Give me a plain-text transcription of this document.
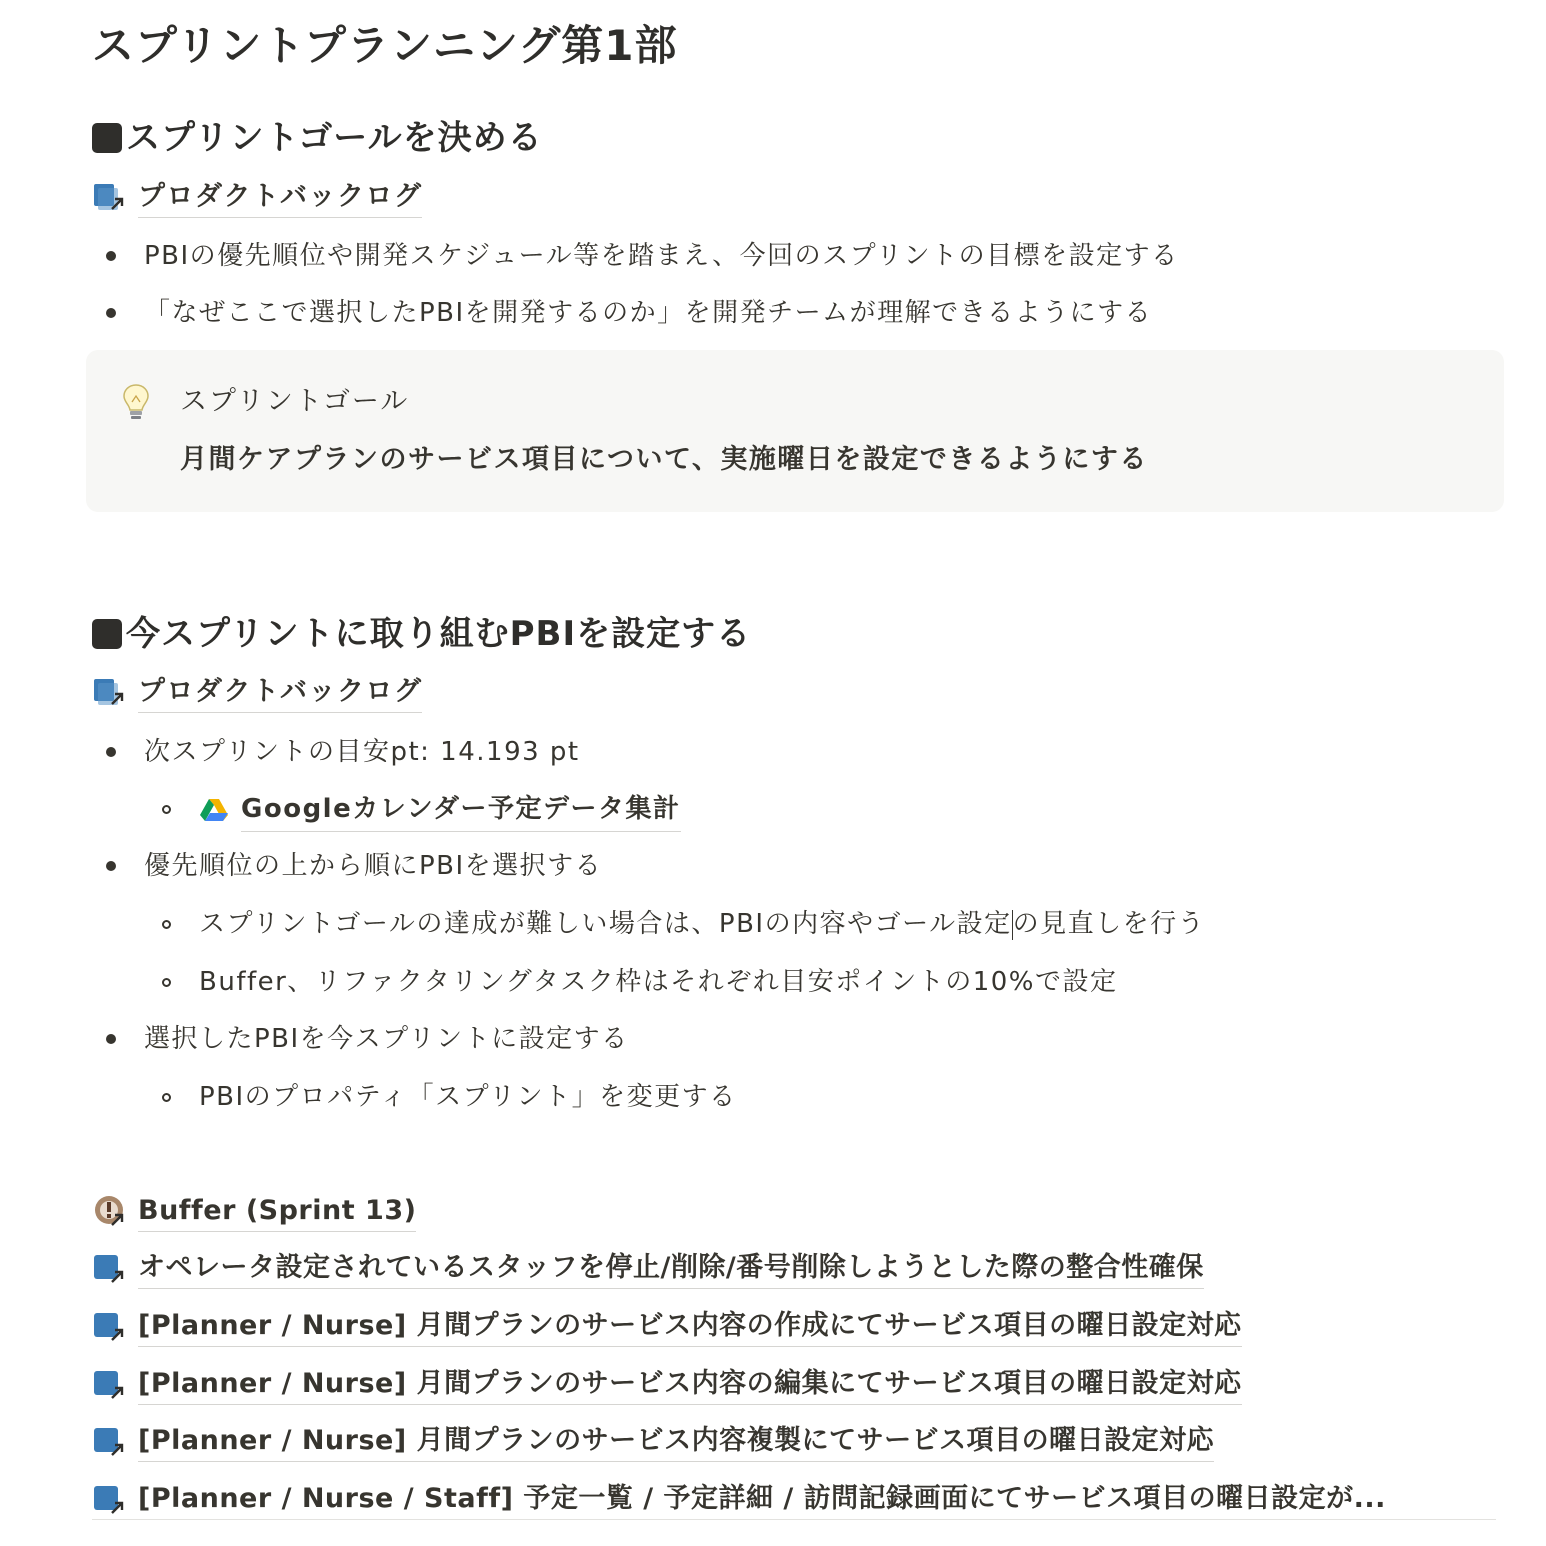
スプリントプランニング第1部
スプリントゴールを決める
プロダクトバックログ
PBIの優先順位や開発スケジュール等を踏まえ、今回のスプリントの目標を設定する
「なぜここで選択したPBIを開発するのか」を開発チームが理解できるようにする
スプリントゴール
月間ケアプランのサービス項目について、実施曜日を設定できるようにする
今スプリントに取り組むPBIを設定する
プロダクトバックログ
次スプリントの目安pt: 14.193 pt
Googleカレンダー予定データ集計
優先順位の上から順にPBIを選択する
スプリントゴールの達成が難しい場合は、PBIの内容やゴール設定の見直しを行う
Buffer、リファクタリングタスク枠はそれぞれ目安ポイントの10%で設定
選択したPBIを今スプリントに設定する
PBIのプロパティ「スプリント」を変更する
Buffer (Sprint 13)
オペレータ設定されているスタッフを停止/削除/番号削除しようとした際の整合性確保
[Planner / Nurse] 月間プランのサービス内容の作成にてサービス項目の曜日設定対応
[Planner / Nurse] 月間プランのサービス内容の編集にてサービス項目の曜日設定対応
[Planner / Nurse] 月間プランのサービス内容複製にてサービス項目の曜日設定対応
[Planner / Nurse / Staff] 予定一覧 / 予定詳細 / 訪問記録画面にてサービス項目の曜日設定が...
